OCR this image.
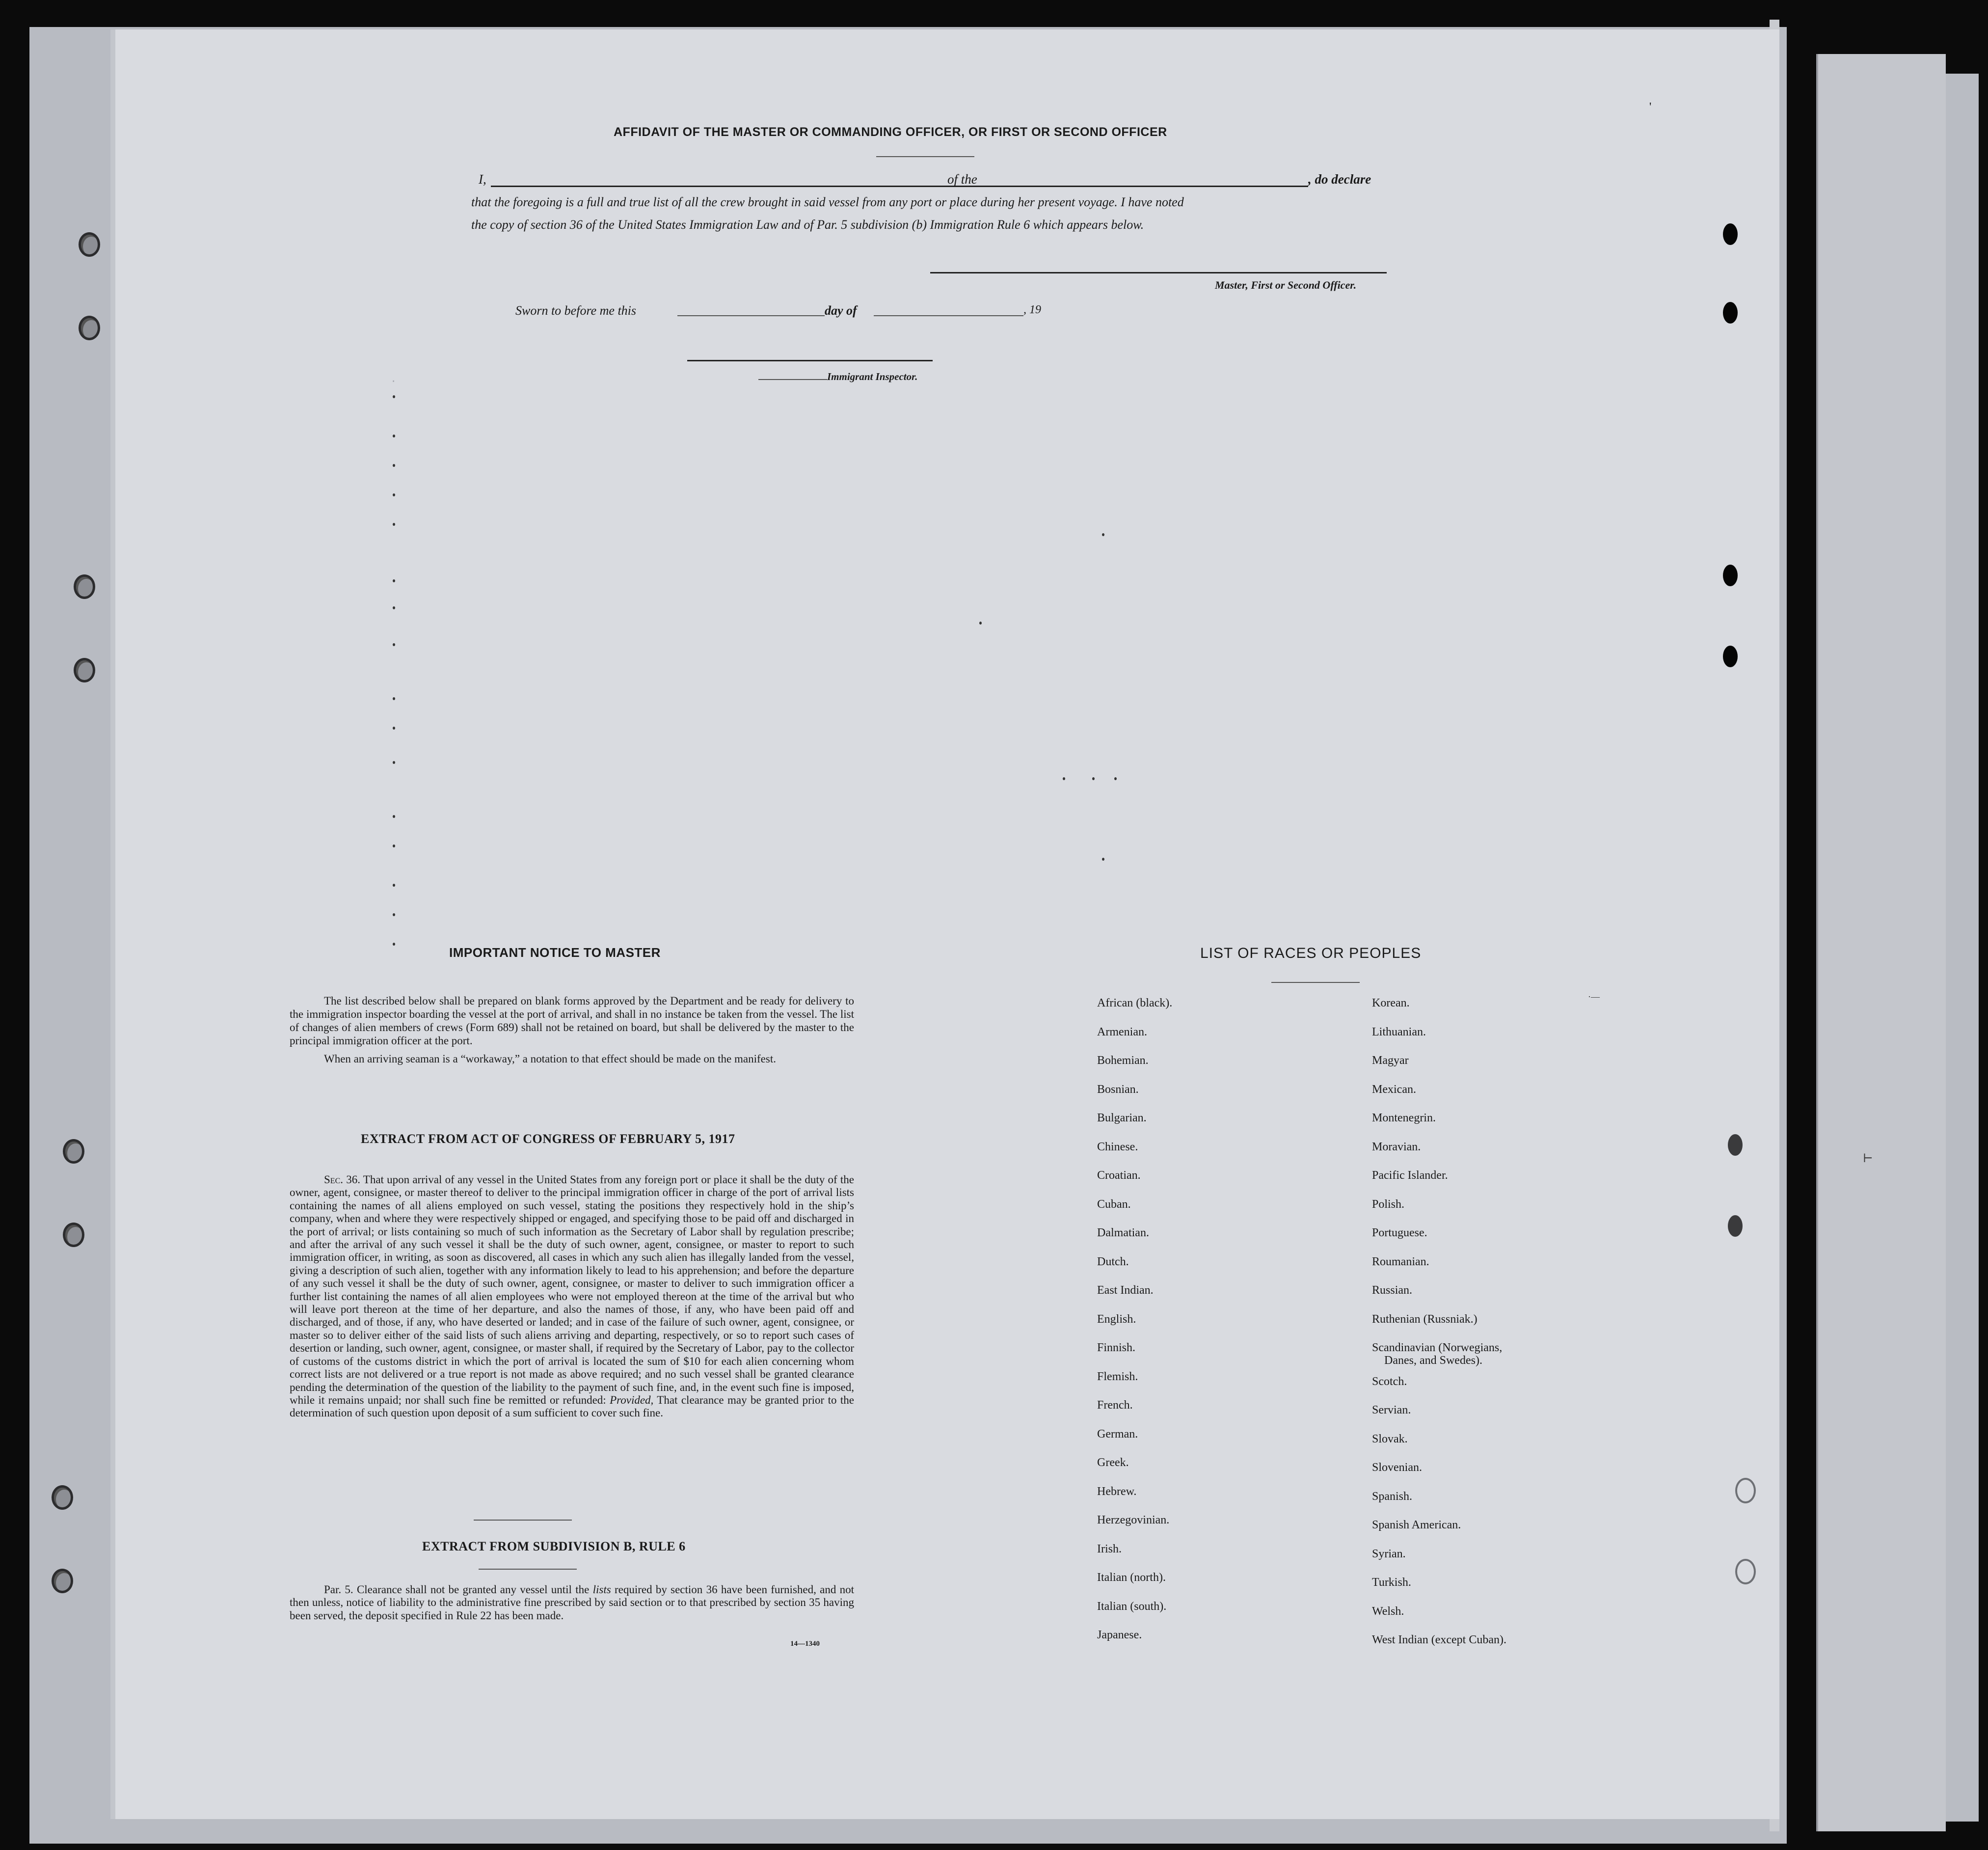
.
AFFIDAVIT OF THE MASTER OR COMMANDING OFFICER, OR FIRST OR SECOND OFFICER
I,	of the	, do declare
that the foregoing is a full and true list of all the crew brought in said vessel from any port or place during her present voyage. I have noted
the copy of section 36 of the United States Immigration Law and of Par. 5 subdivision (b) Immigration Rule 6 which appears below.
Master, First or Second Officer.
Sworn to before me this	day of	, 19
Immigrant Inspector.
IMPORTANT NOTICE TO MASTER

The list described below shall be prepared on blank forms approved by the Department and be ready for delivery to the immigration inspector boarding the vessel at the port of arrival, and shall in no instance be taken from the vessel. The list of changes of alien members of crews (Form 689) shall not be retained on board, but shall be delivered by the master to the principal immigration officer at the port.

When an arriving seaman is a “workaway,” a notation to that effect should be made on the manifest.

EXTRACT FROM ACT OF CONGRESS OF FEBRUARY 5, 1917

Sec. 36. That upon arrival of any vessel in the United States from any foreign port or place it shall be the duty of the owner, agent, consignee, or master thereof to deliver to the principal immigration officer in charge of the port of arrival lists containing the names of all aliens employed on such vessel, stating the positions they respectively hold in the ship’s company, when and where they were respectively shipped or engaged, and specifying those to be paid off and discharged in the port of arrival; or lists containing so much of such information as the Secretary of Labor shall by regulation prescribe; and after the arrival of any such vessel it shall be the duty of such owner, agent, consignee, or master to report to such immigration officer, in writing, as soon as discovered, all cases in which any such alien has illegally landed from the vessel, giving a description of such alien, together with any information likely to lead to his apprehension; and before the departure of any such vessel it shall be the duty of such owner, agent, consignee, or master to deliver to such immigration officer a further list containing the names of all alien employees who were not employed thereon at the time of the arrival but who will leave port thereon at the time of her departure, and also the names of those, if any, who have been paid off and discharged, and of those, if any, who have deserted or landed; and in case of the failure of such owner, agent, consignee, or master so to deliver either of the said lists of such aliens arriving and departing, respectively, or so to report such cases of desertion or landing, such owner, agent, consignee, or master shall, if required by the Secretary of Labor, pay to the collector of customs of the customs district in which the port of arrival is located the sum of $10 for each alien concerning whom correct lists are not delivered or a true report is not made as above required; and no such vessel shall be granted clearance pending the determination of the question of the liability to the payment of such fine, and, in the event such fine is imposed, while it remains unpaid; nor shall such fine be remitted or refunded: Provided, That clearance may be granted prior to the determination of such question upon deposit of a sum sufficient to cover such fine.

EXTRACT FROM SUBDIVISION B, RULE 6

Par. 5. Clearance shall not be granted any vessel until the lists required by section 36 have been furnished, and not then unless, notice of liability to the administrative fine prescribed by said section or to that prescribed by section 35 having been served, the deposit specified in Rule 22 has been made.

14—1340
LIST OF RACES OR PEOPLES
African (black).
Armenian.
Bohemian.
Bosnian.
Bulgarian.
Chinese.
Croatian.
Cuban.
Dalmatian.
Dutch.
East Indian.
English.
Finnish.
Flemish.
French.
German.
Greek.
Hebrew.
Herzegovinian.
Irish.
Italian (north).
Italian (south).
Japanese.
Korean.
Lithuanian.
Magyar
Mexican.
Montenegrin.
Moravian.
Pacific Islander.
Polish.
Portuguese.
Roumanian.
Russian.
Ruthenian (Russniak.)
Scandinavian (Norwegians,
Danes, and Swedes).
Scotch.
Servian.
Slovak.
Slovenian.
Spanish.
Spanish American.
Syrian.
Turkish.
Welsh.
West Indian (except Cuban).
·—
⊢
'
